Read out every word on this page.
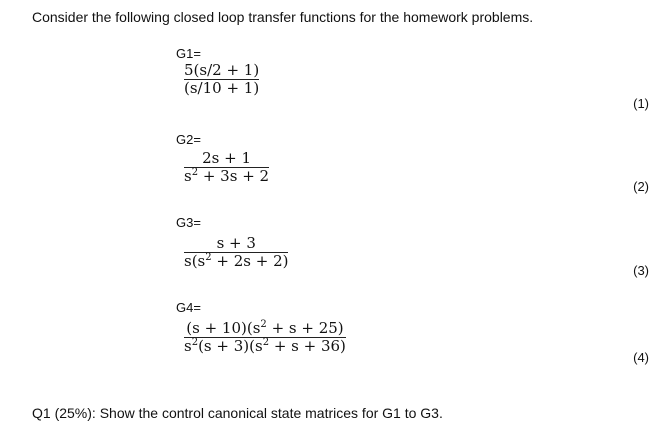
Consider the following closed loop transfer functions for the homework problems.
G1=
5(s/2 + 1)
(s/10 + 1)
(1)
G2=
2s + 1
$s^2 + 3s + 2$
(2)
G3=
s + 3
$s(s^2 + 2s + 2)$
(3)
G4=
$(s + 10)(s^2 + s + 25)$
$s^2(s + 3)(s^2 + s + 36)$
(4)
Q1 (25%): Show the control canonical state matrices for G1 to G3.
